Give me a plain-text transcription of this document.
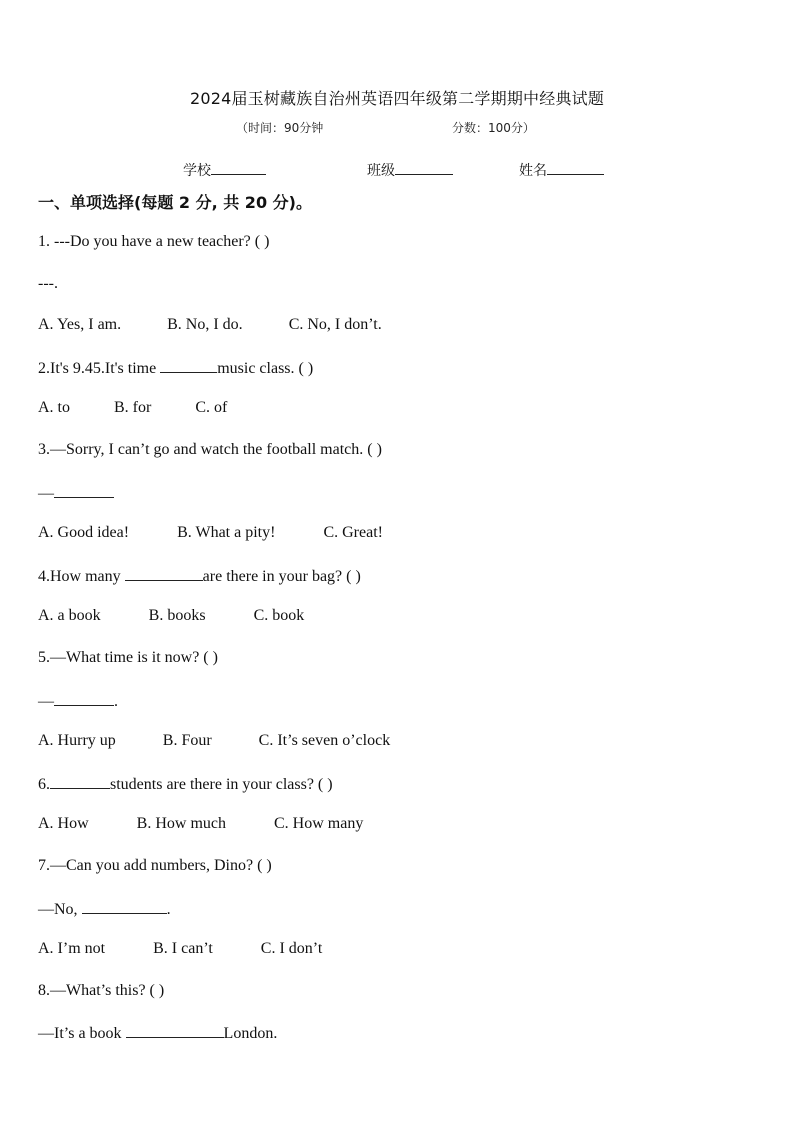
2024届玉树藏族自治州英语四年级第二学期期中经典试题
（时间：90分钟	分数：100分）
学校	班级	姓名
一、单项选择(每题 2 分, 共 20 分)。
1. ---Do you have a new teacher? ( )
---.
A. Yes, I am.	B. No, I do.	C. No, I don’t.
2.It's 9.45.It's time	music class. ( )
A. to	B. for	C. of
3.—Sorry, I can’t go and watch the football match. ( )
—
A. Good idea!	B. What a pity!	C. Great!
4.How many	are there in your bag? ( )
A. a book	B. books	C. book
5.—What time is it now? ( )
—	.
A. Hurry up	B. Four	C. It’s seven o’clock
6.	students are there in your class? ( )
A. How	B. How much	C. How many
7.—Can you add numbers, Dino? ( )
—No,	.
A. I’m not	B. I can’t	C. I don’t
8.—What’s this? ( )
—It’s a book	London.
